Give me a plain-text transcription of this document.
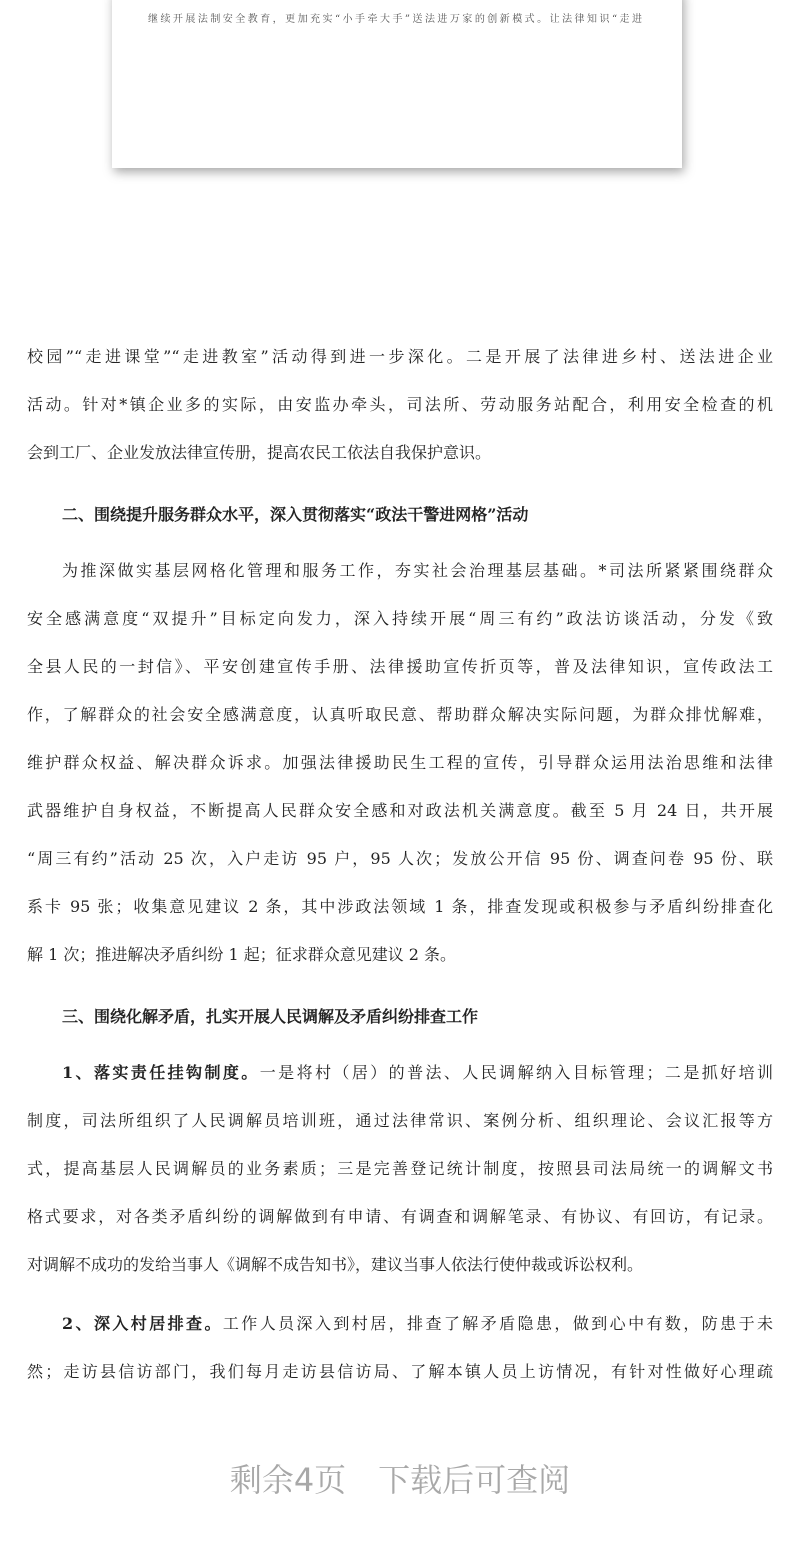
继续开展法制安全教育，更加充实“小手牵大手”送法进万家的创新模式。让法律知识“走进
校园”“走进课堂”“走进教室”活动得到进一步深化。二是开展了法律进乡村、送法进企业
活动。针对*镇企业多的实际，由安监办牵头，司法所、劳动服务站配合，利用安全检查的机
会到工厂、企业发放法律宣传册，提高农民工依法自我保护意识。
二、围绕提升服务群众水平，深入贯彻落实“政法干警进网格”活动
为推深做实基层网格化管理和服务工作，夯实社会治理基层基础。*司法所紧紧围绕群众
安全感满意度“双提升”目标定向发力，深入持续开展“周三有约”政法访谈活动，分发《致
全县人民的一封信》、平安创建宣传手册、法律援助宣传折页等，普及法律知识，宣传政法工
作，了解群众的社会安全感满意度，认真听取民意、帮助群众解决实际问题，为群众排忧解难，
维护群众权益、解决群众诉求。加强法律援助民生工程的宣传，引导群众运用法治思维和法律
武器维护自身权益，不断提高人民群众安全感和对政法机关满意度。截至 5 月 24 日，共开展
“周三有约”活动 25 次，入户走访 95 户，95 人次；发放公开信 95 份、调查问卷 95 份、联
系卡 95 张；收集意见建议 2 条，其中涉政法领域 1 条，排查发现或积极参与矛盾纠纷排查化
解 1 次；推进解决矛盾纠纷 1 起；征求群众意见建议 2 条。
三、围绕化解矛盾，扎实开展人民调解及矛盾纠纷排查工作
1、落实责任挂钩制度。一是将村（居）的普法、人民调解纳入目标管理；二是抓好培训
制度，司法所组织了人民调解员培训班，通过法律常识、案例分析、组织理论、会议汇报等方
式，提高基层人民调解员的业务素质；三是完善登记统计制度，按照县司法局统一的调解文书
格式要求，对各类矛盾纠纷的调解做到有申请、有调查和调解笔录、有协议、有回访，有记录。
对调解不成功的发给当事人《调解不成告知书》，建议当事人依法行使仲裁或诉讼权利。
2、深入村居排查。工作人员深入到村居，排查了解矛盾隐患，做到心中有数，防患于未
然；走访县信访部门，我们每月走访县信访局、了解本镇人员上访情况，有针对性做好心理疏
剩余4页　下载后可查阅
